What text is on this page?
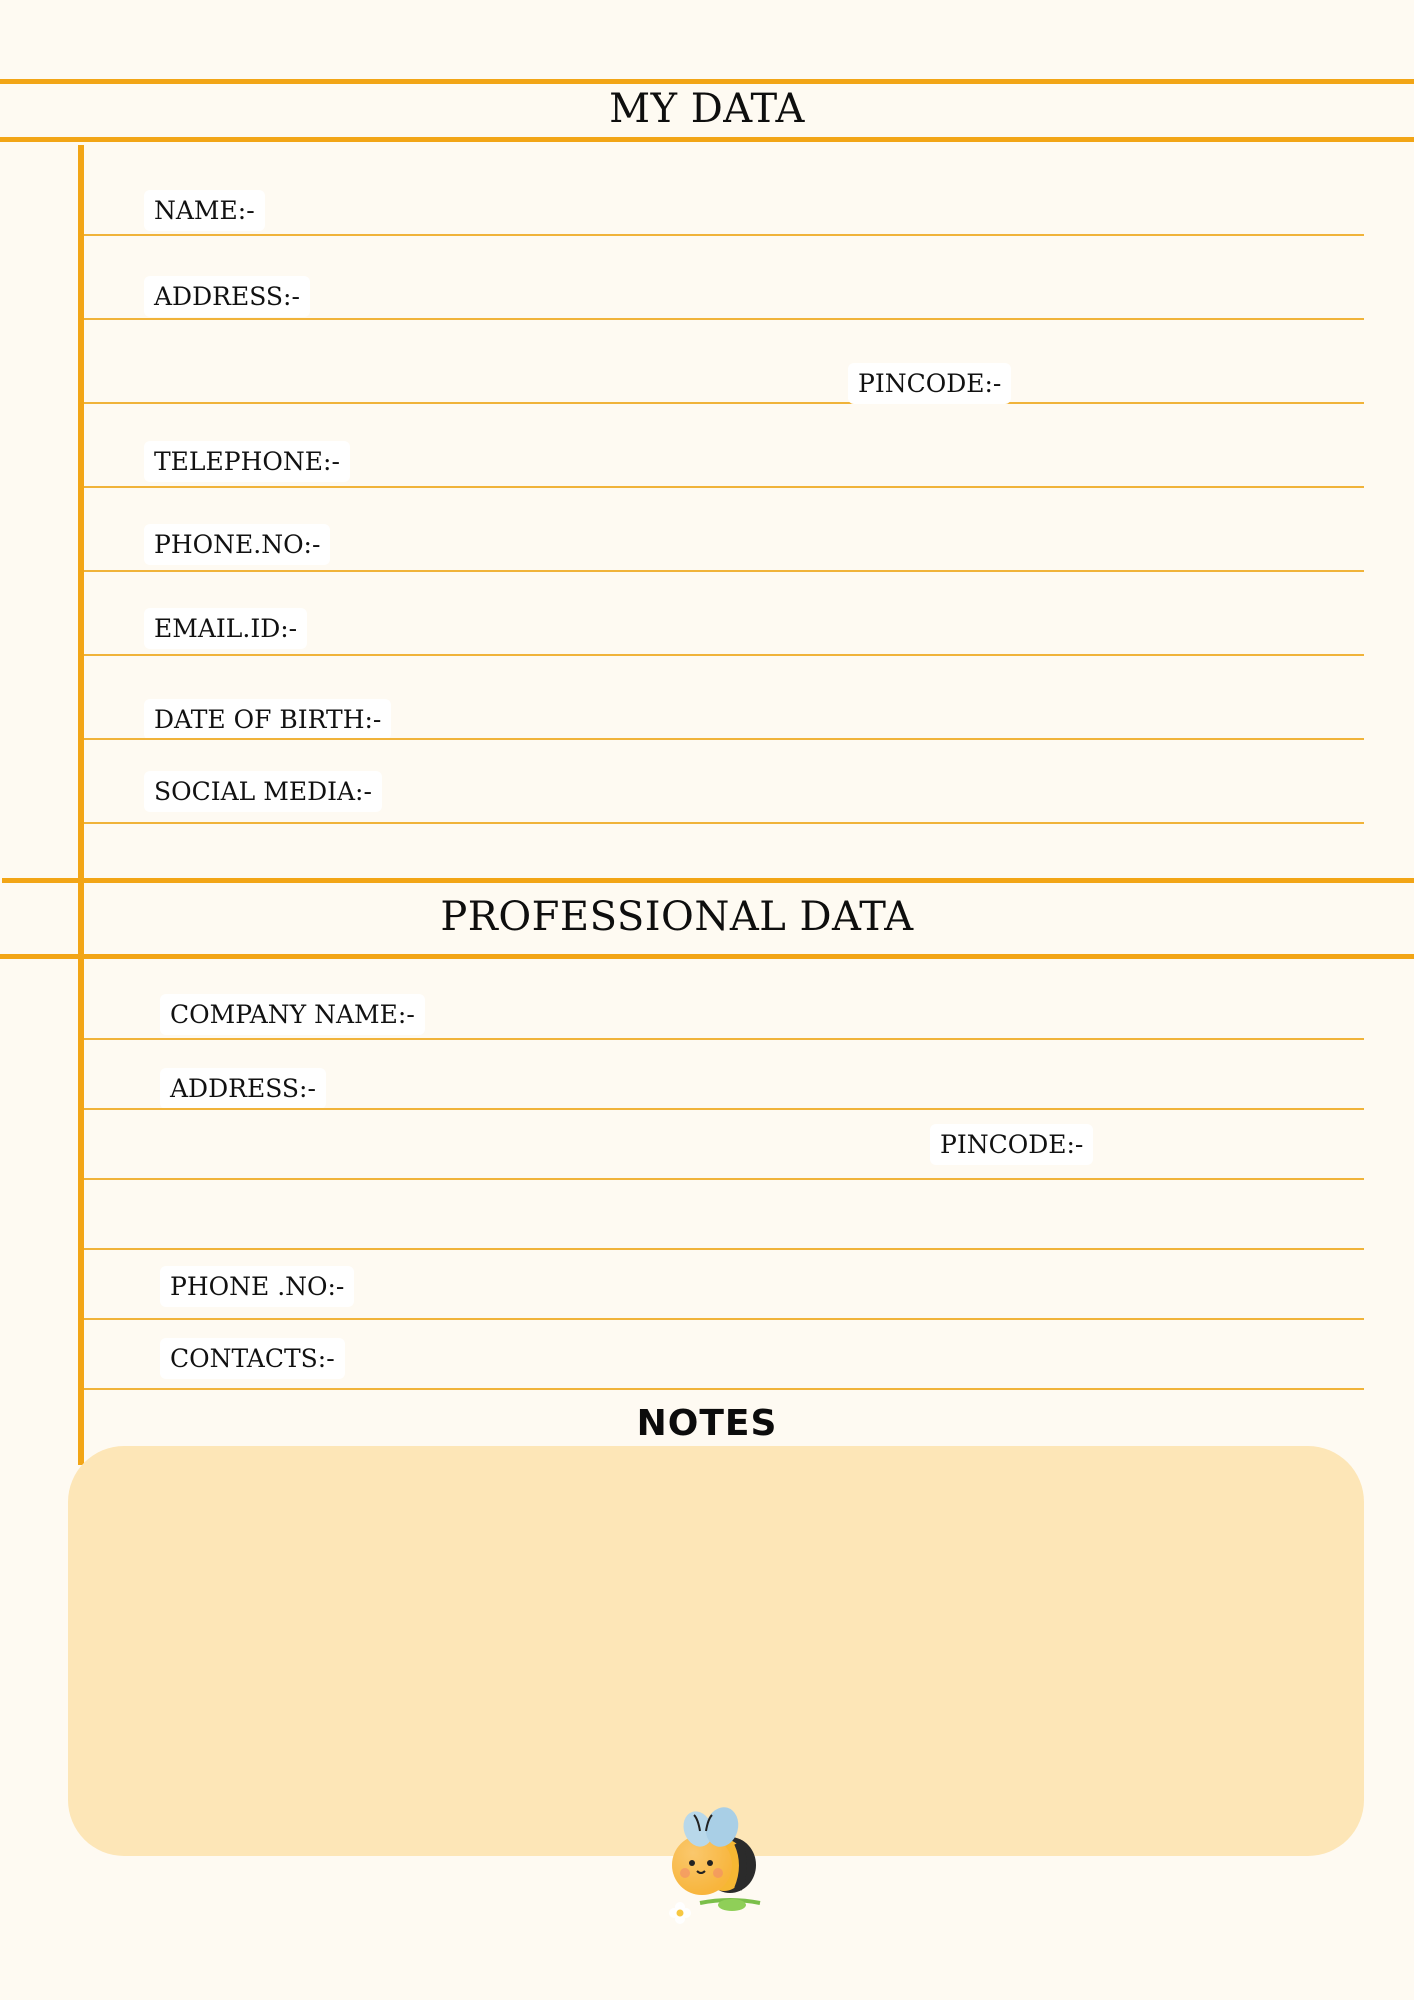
MY DATA
NAME:-
ADDRESS:-
PINCODE:-
TELEPHONE:-
PHONE.NO:-
EMAIL.ID:-
DATE OF BIRTH:-
SOCIAL MEDIA:-
PROFESSIONAL DATA
COMPANY NAME:-
ADDRESS:-
PINCODE:-
PHONE .NO:-
CONTACTS:-
NOTES
